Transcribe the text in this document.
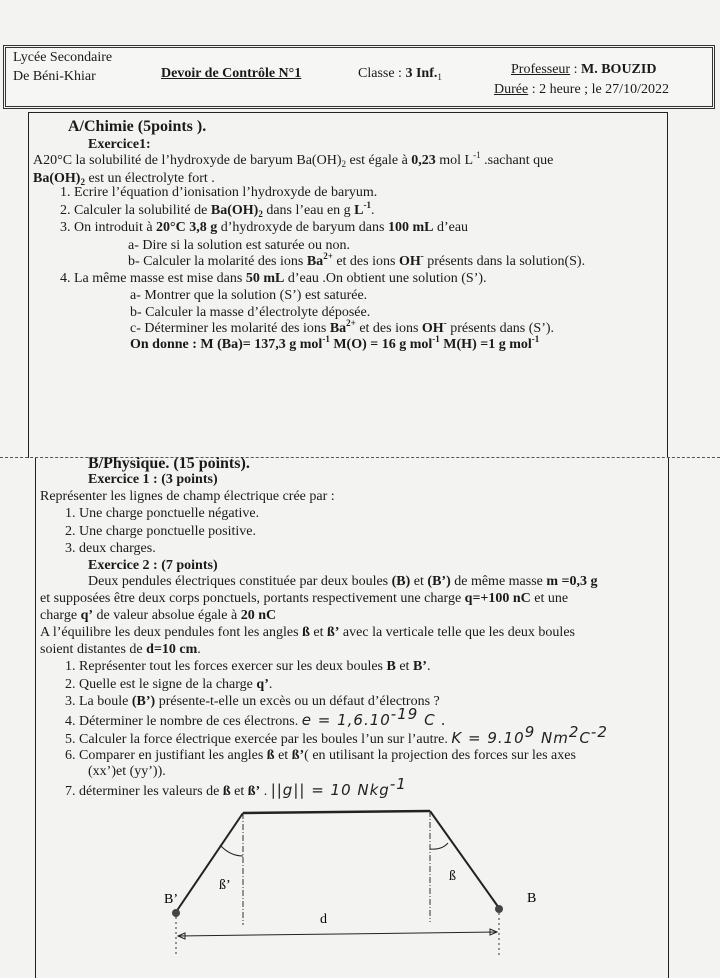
Lycée Secondaire
De Béni-Khiar	Devoir de Contrôle N°1	Classe : 3 $Inf._1$	Professeur : M. BOUZID
Durée : 2 heure ; le 27/10/2022
A/Chimie (5points ).
Exercice1:
A20°C la solubilité de l’hydroxyde de baryum $Ba(OH)_2$ est égale à 0,23 mol $L^{-1}$ .sachant que
$Ba(OH)_2$ est un électrolyte fort .
1. Ecrire l’équation d’ionisation l’hydroxyde de baryum.
2. Calculer la solubilité de $Ba(OH)_2$ dans l’eau en g $L^{-1}$.
3. On introduit à 20°C 3,8 g d’hydroxyde de baryum dans 100 mL d’eau
a- Dire si la solution est saturée ou non.
b- Calculer la molarité des ions $Ba^{2+}$ et des ions OH- présents dans la solution(S).
4. La même masse est mise dans 50 mL d’eau .On obtient une solution (S’).
a- Montrer que la solution (S’) est saturée.
b- Calculer la masse d’électrolyte déposée.
c- Déterminer les molarité des ions $Ba^{2+}$ et des ions OH- présents dans (S’).
On donne : M (Ba)= 137,3 g mol$^{-1}$ M(O) = 16 g mol$^{-1}$ M(H) =1 g mol$^{-1}$
B/Physique. (15 points).
Exercice 1 : (3 points)
Représenter les lignes de champ électrique crée par :
1. Une charge ponctuelle négative.
2. Une charge ponctuelle positive.
3. deux charges.
Exercice 2 : (7 points)
Deux pendules électriques constituée par deux boules (B) et (B’) de même masse m =0,3 g
et supposées être deux corps ponctuels, portants respectivement une charge q=+100 nC et une
charge q’ de valeur absolue égale à 20 nC
A l’équilibre les deux pendules font les angles ß et ß’ avec la verticale telle que les deux boules
soient distantes de d=10 cm.
1. Représenter tout les forces exercer sur les deux boules B et B’.
2. Quelle est le signe de la charge q’.
3. La boule (B’) présente-t-elle un excès ou un défaut d’électrons ?
4. Déterminer le nombre de ces électrons. $e = 1,6.10^{-19}$ C .
5. Calculer la force électrique exercée par les boules l’un sur l’autre. $K = 9.10^9$ $Nm^2C^{-2}$
6. Comparer en justifiant les angles ß et ß’( en utilisant la projection des forces sur les axes
(xx’)et (yy’)).
7. déterminer les valeurs de ß et ß’ . ||g|| = 10 Nkg$^{-1}$
B’	B
ß’
ß
d
